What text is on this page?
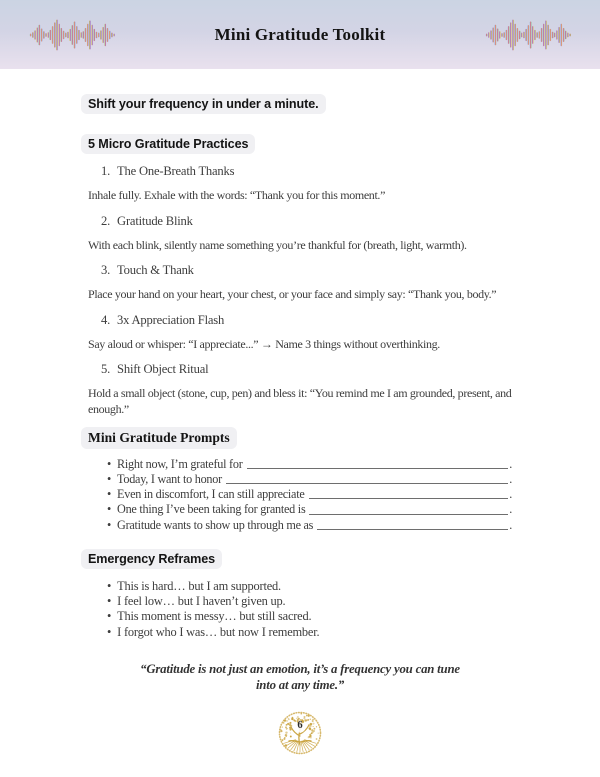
Mini Gratitude Toolkit
Shift your frequency in under a minute.
5 Micro Gratitude Practices

1. The One-Breath Thanks

Inhale fully. Exhale with the words: “Thank you for this moment.”

2. Gratitude Blink

With each blink, silently name something you’re thankful for (breath, light, warmth).

3. Touch & Thank

Place your hand on your heart, your chest, or your face and simply say: “Thank you, body.”

4. 3x Appreciation Flash

Say aloud or whisper: “I appreciate...” → Name 3 things without overthinking.

5. Shift Object Ritual

Hold a small object (stone, cup, pen) and bless it: “You remind me I am grounded, present, and enough.”

Mini Gratitude Prompts
• Right now, I’m grateful for	.
• Today, I want to honor	.
• Even in discomfort, I can still appreciate	.
• One thing I’ve been taking for granted is	.
• Gratitude wants to show up through me as	.
Emergency Reframes
• This is hard… but I am supported.
• I feel low… but I haven’t given up.
• This moment is messy… but still sacred.
• I forgot who I was… but now I remember.

“Gratitude is not just an emotion, it’s a frequency you can tune
into at any time.”

6
